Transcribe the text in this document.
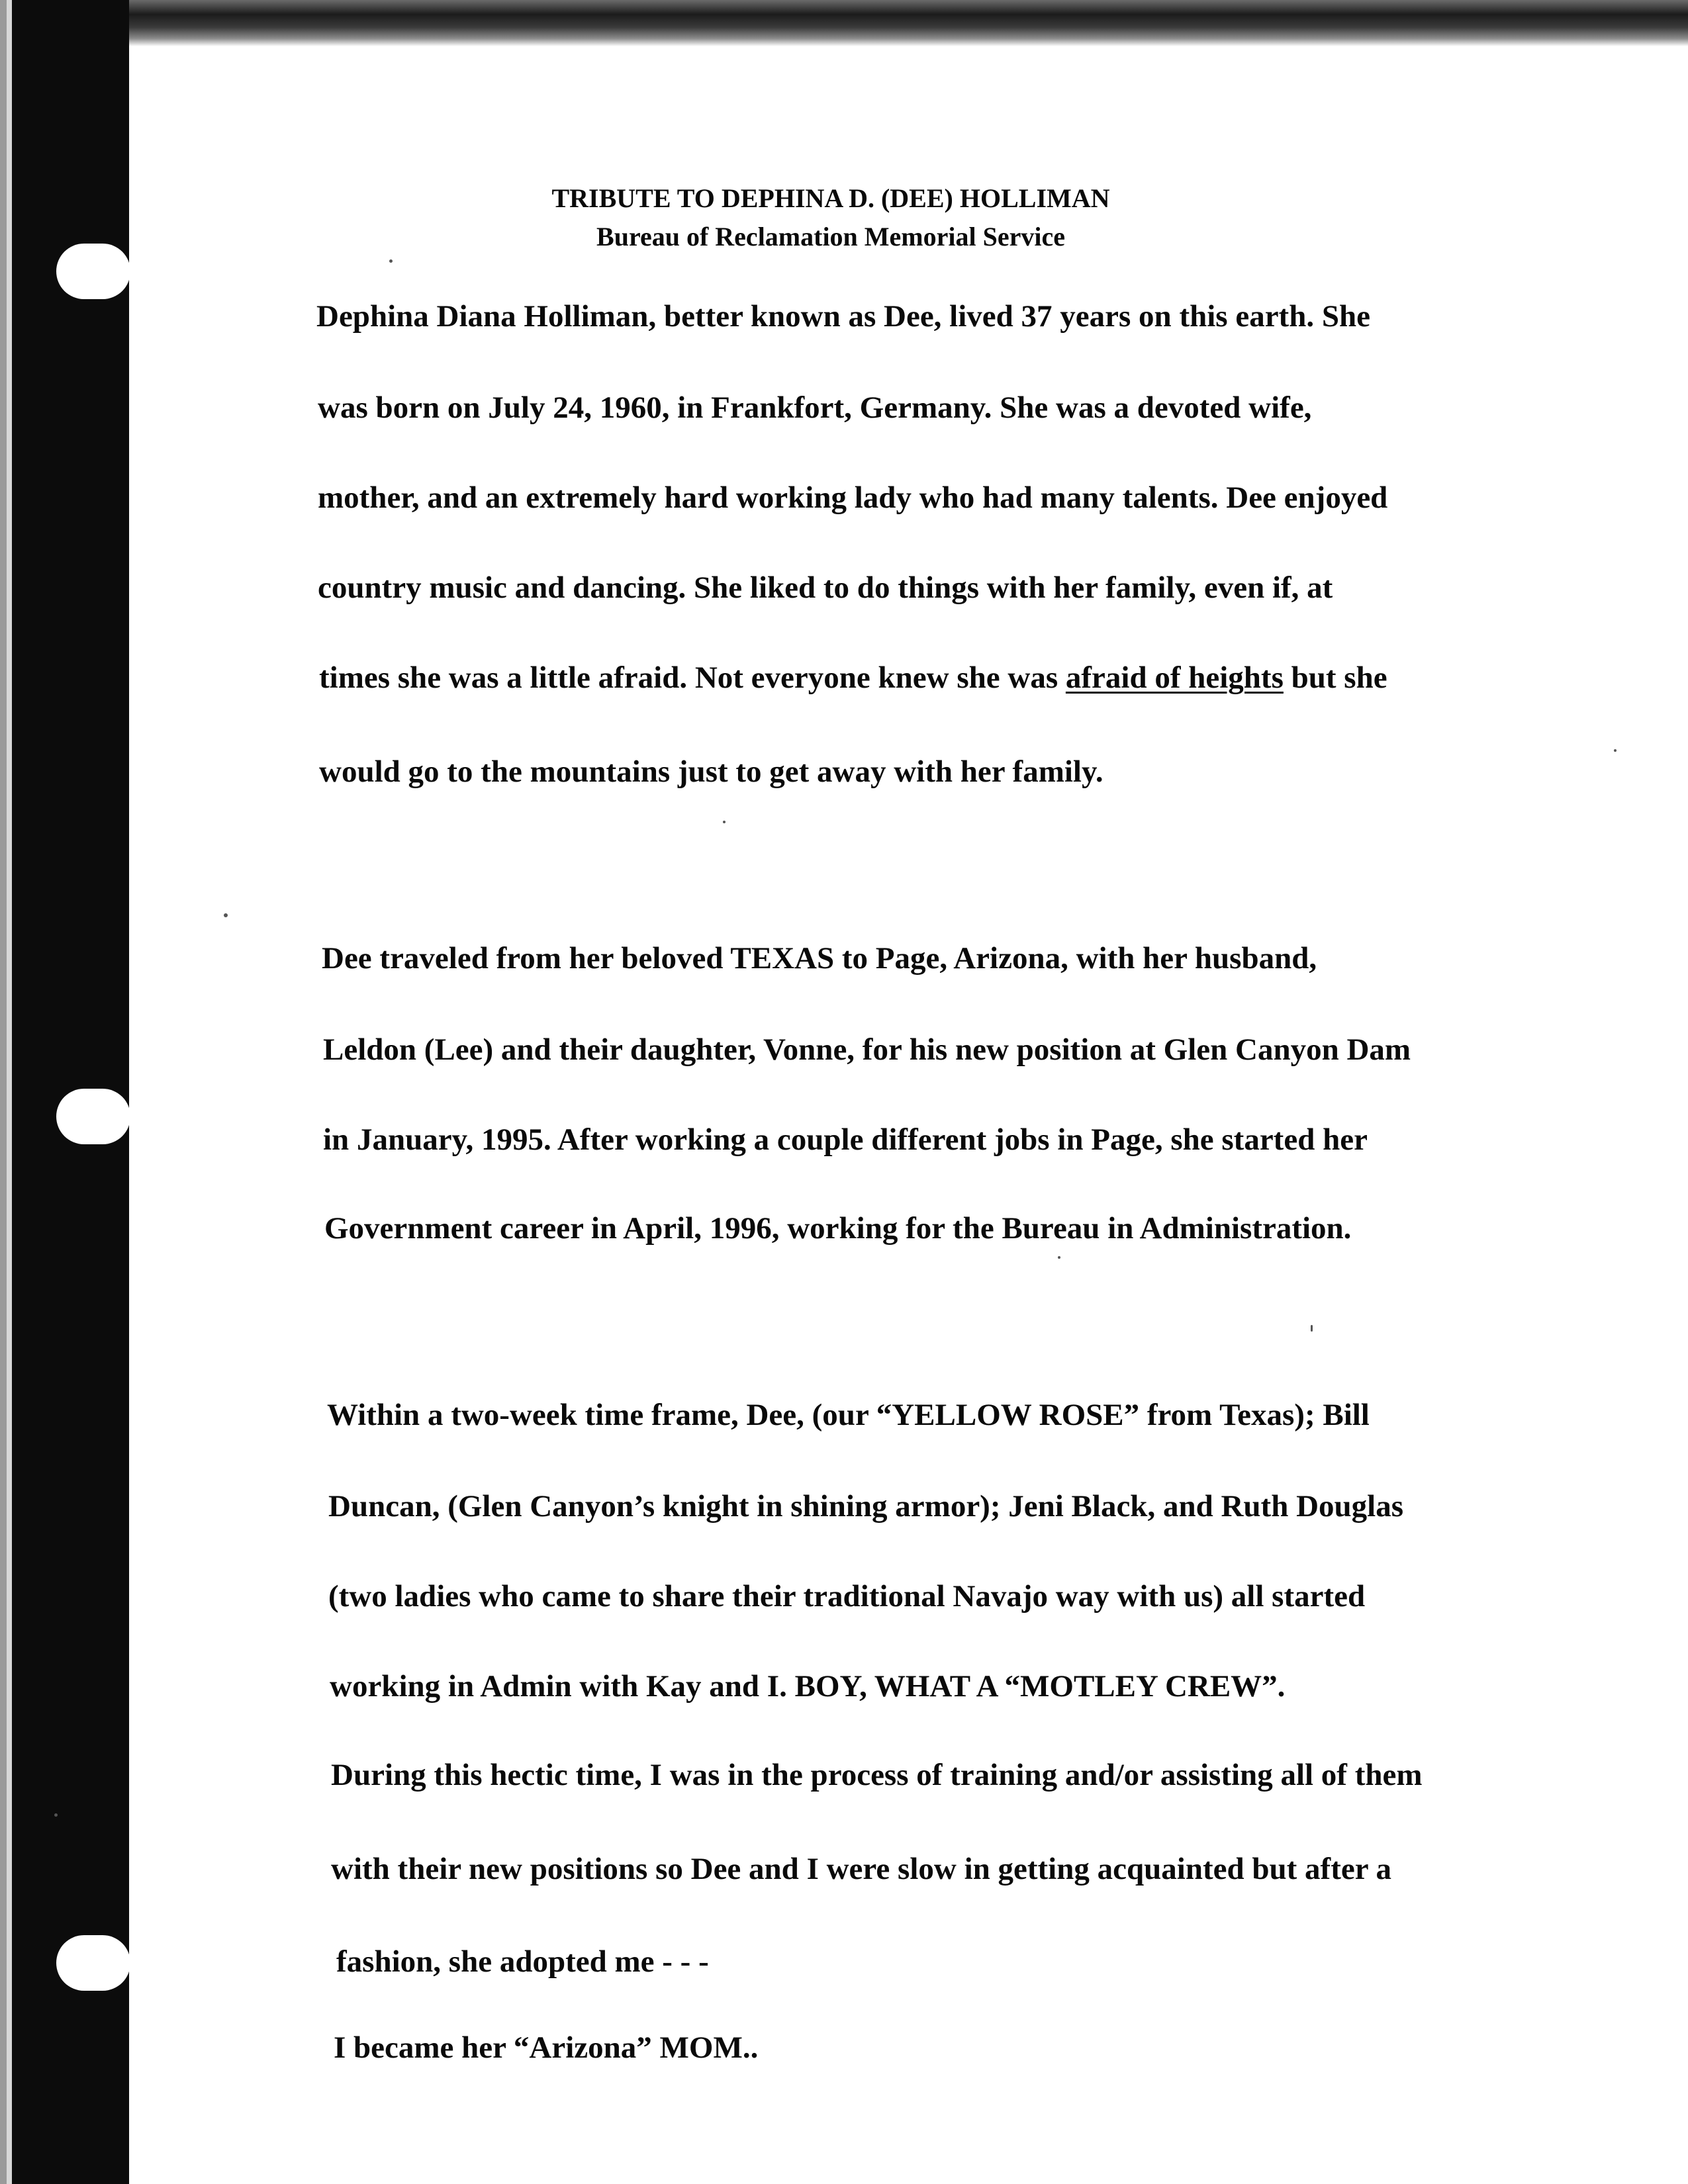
TRIBUTE TO DEPHINA D. (DEE) HOLLIMAN
Bureau of Reclamation Memorial Service
Dephina Diana Holliman, better known as Dee, lived 37 years on this earth. She
was born on July 24, 1960, in Frankfort, Germany. She was a devoted wife,
mother, and an extremely hard working lady who had many talents. Dee enjoyed
country music and dancing. She liked to do things with her family, even if, at
times she was a little afraid. Not everyone knew she was afraid of heights but she
would go to the mountains just to get away with her family.
Dee traveled from her beloved TEXAS to Page, Arizona, with her husband,
Leldon (Lee) and their daughter, Vonne, for his new position at Glen Canyon Dam
in January, 1995. After working a couple different jobs in Page, she started her
Government career in April, 1996, working for the Bureau in Administration.
Within a two-week time frame, Dee, (our “YELLOW ROSE” from Texas); Bill
Duncan, (Glen Canyon’s knight in shining armor); Jeni Black, and Ruth Douglas
(two ladies who came to share their traditional Navajo way with us) all started
working in Admin with Kay and I. BOY, WHAT A “MOTLEY CREW”.
During this hectic time, I was in the process of training and/or assisting all of them
with their new positions so Dee and I were slow in getting acquainted but after a
fashion, she adopted me - - -
I became her “Arizona” MOM..
